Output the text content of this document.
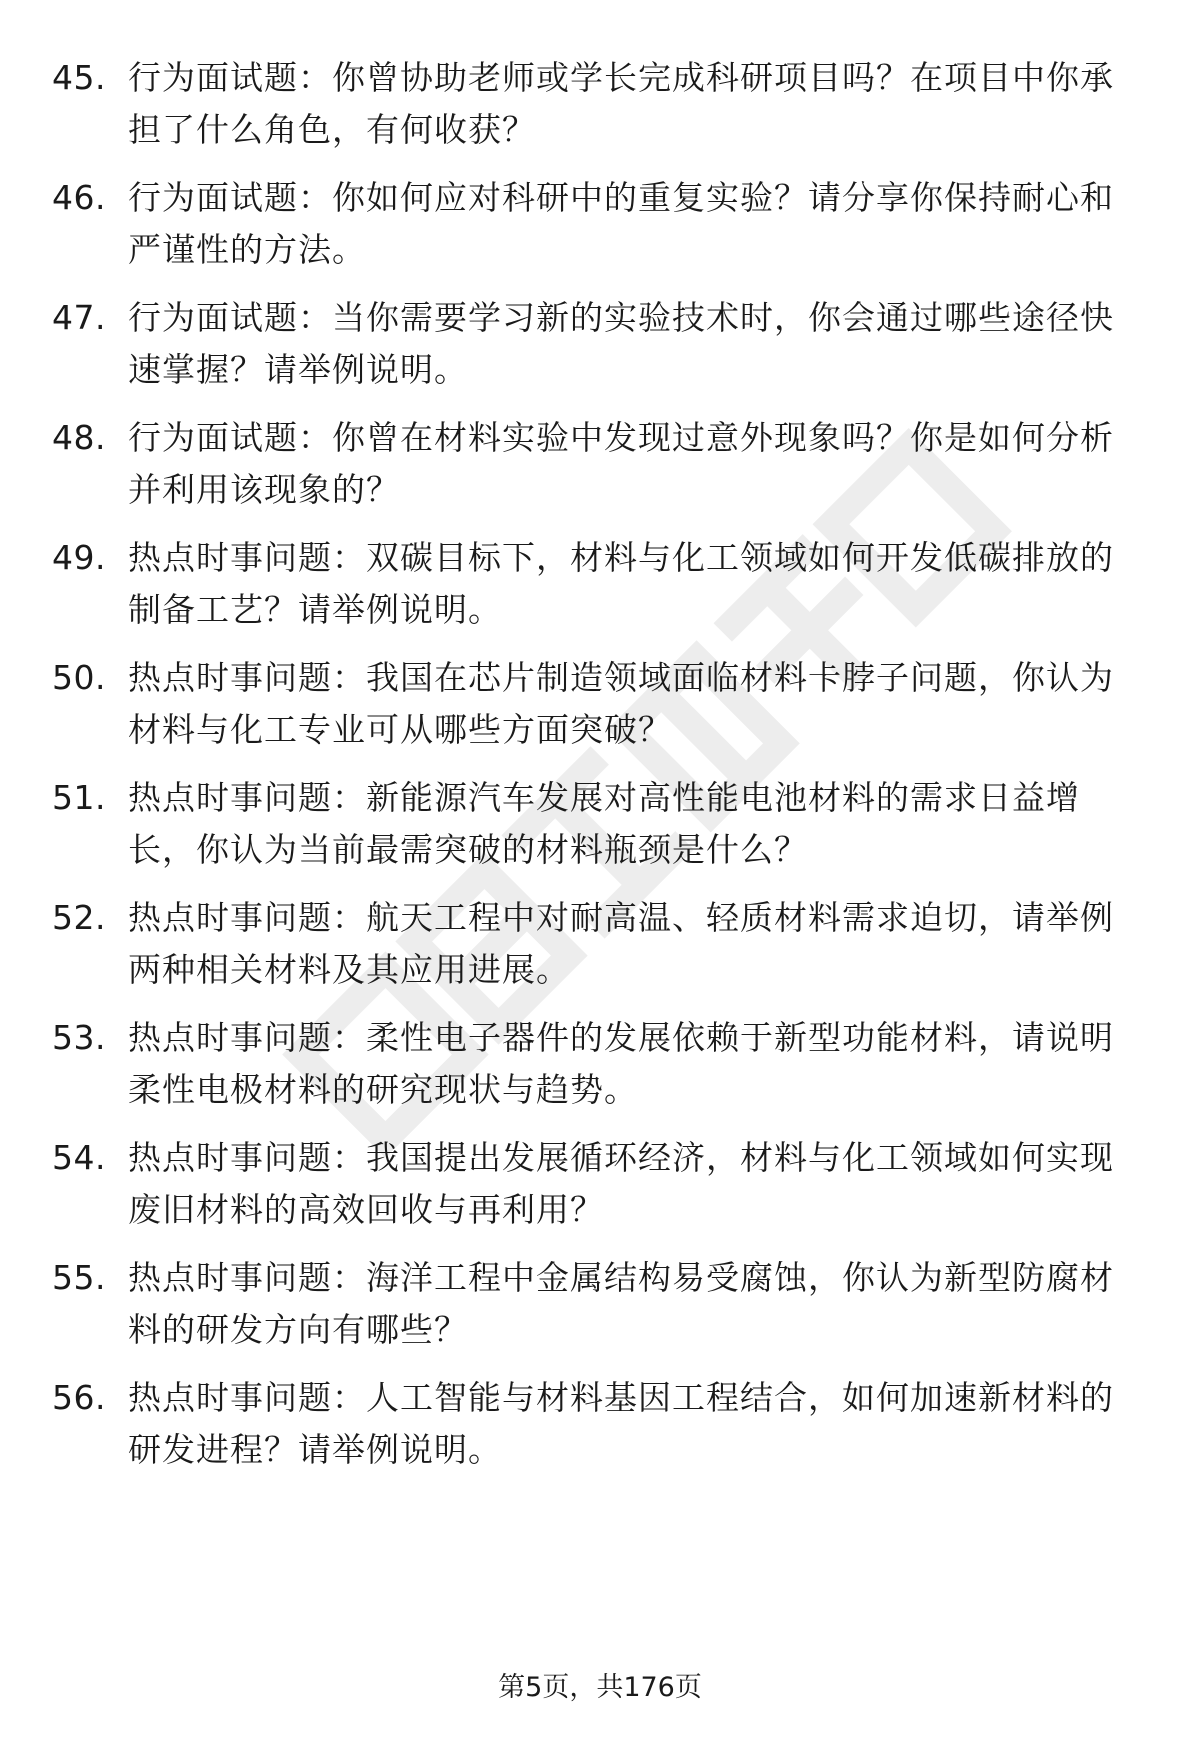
45. 行为面试题：你曾协助老师或学长完成科研项目吗？在项目中你承担了什么角色，有何收获？
46. 行为面试题：你如何应对科研中的重复实验？请分享你保持耐心和严谨性的方法。
47. 行为面试题：当你需要学习新的实验技术时，你会通过哪些途径快速掌握？请举例说明。
48. 行为面试题：你曾在材料实验中发现过意外现象吗？你是如何分析并利用该现象的？
49. 热点时事问题：双碳目标下，材料与化工领域如何开发低碳排放的制备工艺？请举例说明。
50. 热点时事问题：我国在芯片制造领域面临材料卡脖子问题，你认为材料与化工专业可从哪些方面突破？
51. 热点时事问题：新能源汽车发展对高性能电池材料的需求日益增长，你认为当前最需突破的材料瓶颈是什么？
52. 热点时事问题：航天工程中对耐高温、轻质材料需求迫切，请举例两种相关材料及其应用进展。
53. 热点时事问题：柔性电子器件的发展依赖于新型功能材料，请说明柔性电极材料的研究现状与趋势。
54. 热点时事问题：我国提出发展循环经济，材料与化工领域如何实现废旧材料的高效回收与再利用？
55. 热点时事问题：海洋工程中金属结构易受腐蚀，你认为新型防腐材料的研发方向有哪些？
56. 热点时事问题：人工智能与材料基因工程结合，如何加速新材料的研发进程？请举例说明。
第5页，共176页
